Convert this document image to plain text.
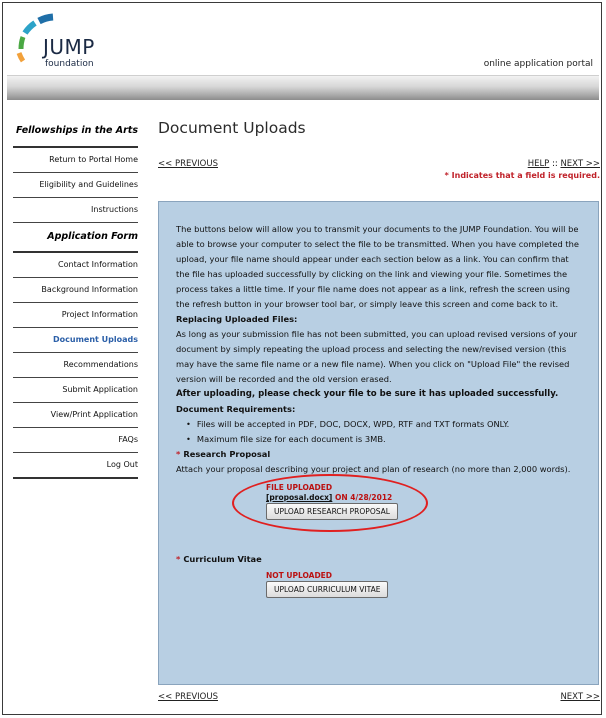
JUMP
foundation	online application portal
Fellowships in the Arts
Return to Portal Home
Eligibility and Guidelines
Instructions
Application Form
Contact Information
Background Information
Project Information
Document Uploads
Recommendations
Submit Application
View/Print Application
FAQs
Log Out
Document Uploads
<< PREVIOUS	HELP :: NEXT >>
* Indicates that a field is required.

The buttons below will allow you to transmit your documents to the JUMP Foundation. You will be able to browse your computer to select the file to be transmitted. When you have completed the upload, your file name should appear under each section below as a link. You can confirm that the file has uploaded successfully by clicking on the link and viewing your file. Sometimes the process takes a little time. If your file name does not appear as a link, refresh the screen using the refresh button in your browser tool bar, or simply leave this screen and come back to it.

Replacing Uploaded Files:

As long as your submission file has not been submitted, you can upload revised versions of your document by simply repeating the upload process and selecting the new/revised version (this may have the same file name or a new file name). When you click on "Upload File" the revised version will be recorded and the old version erased.

After uploading, please check your file to be sure it has uploaded successfully.

Document Requirements:

• Files will be accepted in PDF, DOC, DOCX, WPD, RTF and TXT formats ONLY.
• Maximum file size for each document is 3MB.

* Research Proposal

Attach your proposal describing your project and plan of research (no more than 2,000 words).

FILE UPLOADED
[proposal.docx] ON 4/28/2012
UPLOAD RESEARCH PROPOSAL

* Curriculum Vitae

NOT UPLOADED
UPLOAD CURRICULUM VITAE
<< PREVIOUS	NEXT >>
